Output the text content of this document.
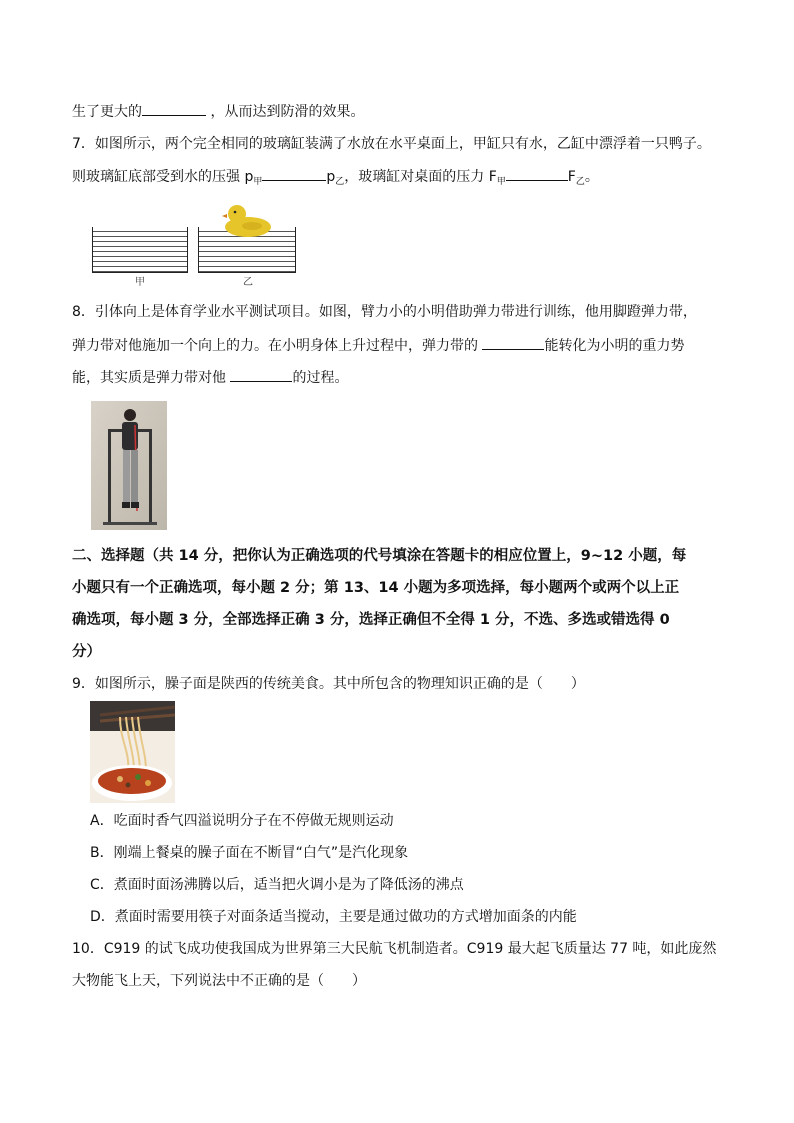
生了更大的	，从而达到防滑的效果。
7．如图所示，两个完全相同的玻璃缸装满了水放在水平桌面上，甲缸只有水，乙缸中漂浮着一只鸭子。
则玻璃缸底部受到水的压强 $p_甲$	$p_乙$，玻璃缸对桌面的压力 $F_甲$	$F_乙$。
甲	乙
8．引体向上是体育学业水平测试项目。如图，臂力小的小明借助弹力带进行训练，他用脚蹬弹力带，
弹力带对他施加一个向上的力。在小明身体上升过程中，弹力带的	能转化为小明的重力势
能，其实质是弹力带对他	的过程。
二、选择题（共 14 分，把你认为正确选项的代号填涂在答题卡的相应位置上，9~12 小题，每
小题只有一个正确选项，每小题 2 分；第 13、14 小题为多项选择，每小题两个或两个以上正
确选项，每小题 3 分，全部选择正确 3 分，选择正确但不全得 1 分，不选、多选或错选得 0
分）
9．如图所示，臊子面是陕西的传统美食。其中所包含的物理知识正确的是（　　）
A．吃面时香气四溢说明分子在不停做无规则运动
B．刚端上餐桌的臊子面在不断冒“白气”是汽化现象
C．煮面时面汤沸腾以后，适当把火调小是为了降低汤的沸点
D．煮面时需要用筷子对面条适当搅动，主要是通过做功的方式增加面条的内能
10．C919 的试飞成功使我国成为世界第三大民航飞机制造者。C919 最大起飞质量达 77 吨，如此庞然
大物能飞上天，下列说法中不正确的是（　　）
